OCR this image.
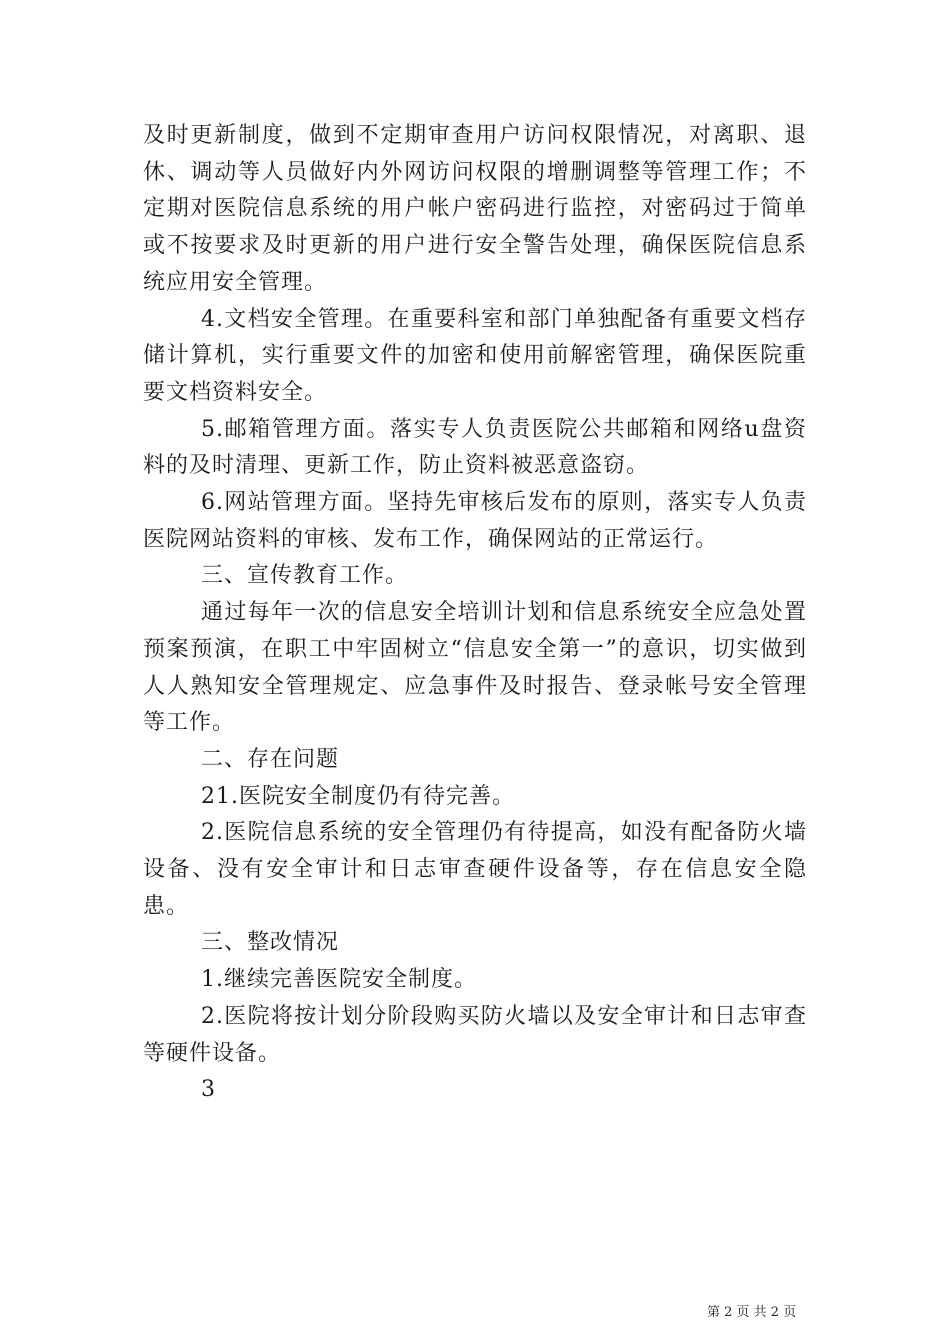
及时更新制度，做到不定期审查用户访问权限情况，对离职、退休、调动等人员做好内外网访问权限的增删调整等管理工作；不定期对医院信息系统的用户帐户密码进行监控，对密码过于简单或不按要求及时更新的用户进行安全警告处理，确保医院信息系统应用安全管理。

4.文档安全管理。在重要科室和部门单独配备有重要文档存储计算机，实行重要文件的加密和使用前解密管理，确保医院重要文档资料安全。

5.邮箱管理方面。落实专人负责医院公共邮箱和网络u盘资料的及时清理、更新工作，防止资料被恶意盗窃。

6.网站管理方面。坚持先审核后发布的原则，落实专人负责医院网站资料的审核、发布工作，确保网站的正常运行。

三、宣传教育工作。

通过每年一次的信息安全培训计划和信息系统安全应急处置预案预演，在职工中牢固树立“信息安全第一”的意识，切实做到人人熟知安全管理规定、应急事件及时报告、登录帐号安全管理等工作。

二、存在问题

21.医院安全制度仍有待完善。

2.医院信息系统的安全管理仍有待提高，如没有配备防火墙设备、没有安全审计和日志审查硬件设备等，存在信息安全隐患。

三、整改情况

1.继续完善医院安全制度。

2.医院将按计划分阶段购买防火墙以及安全审计和日志审查等硬件设备。

3

第 2 页 共 2 页
